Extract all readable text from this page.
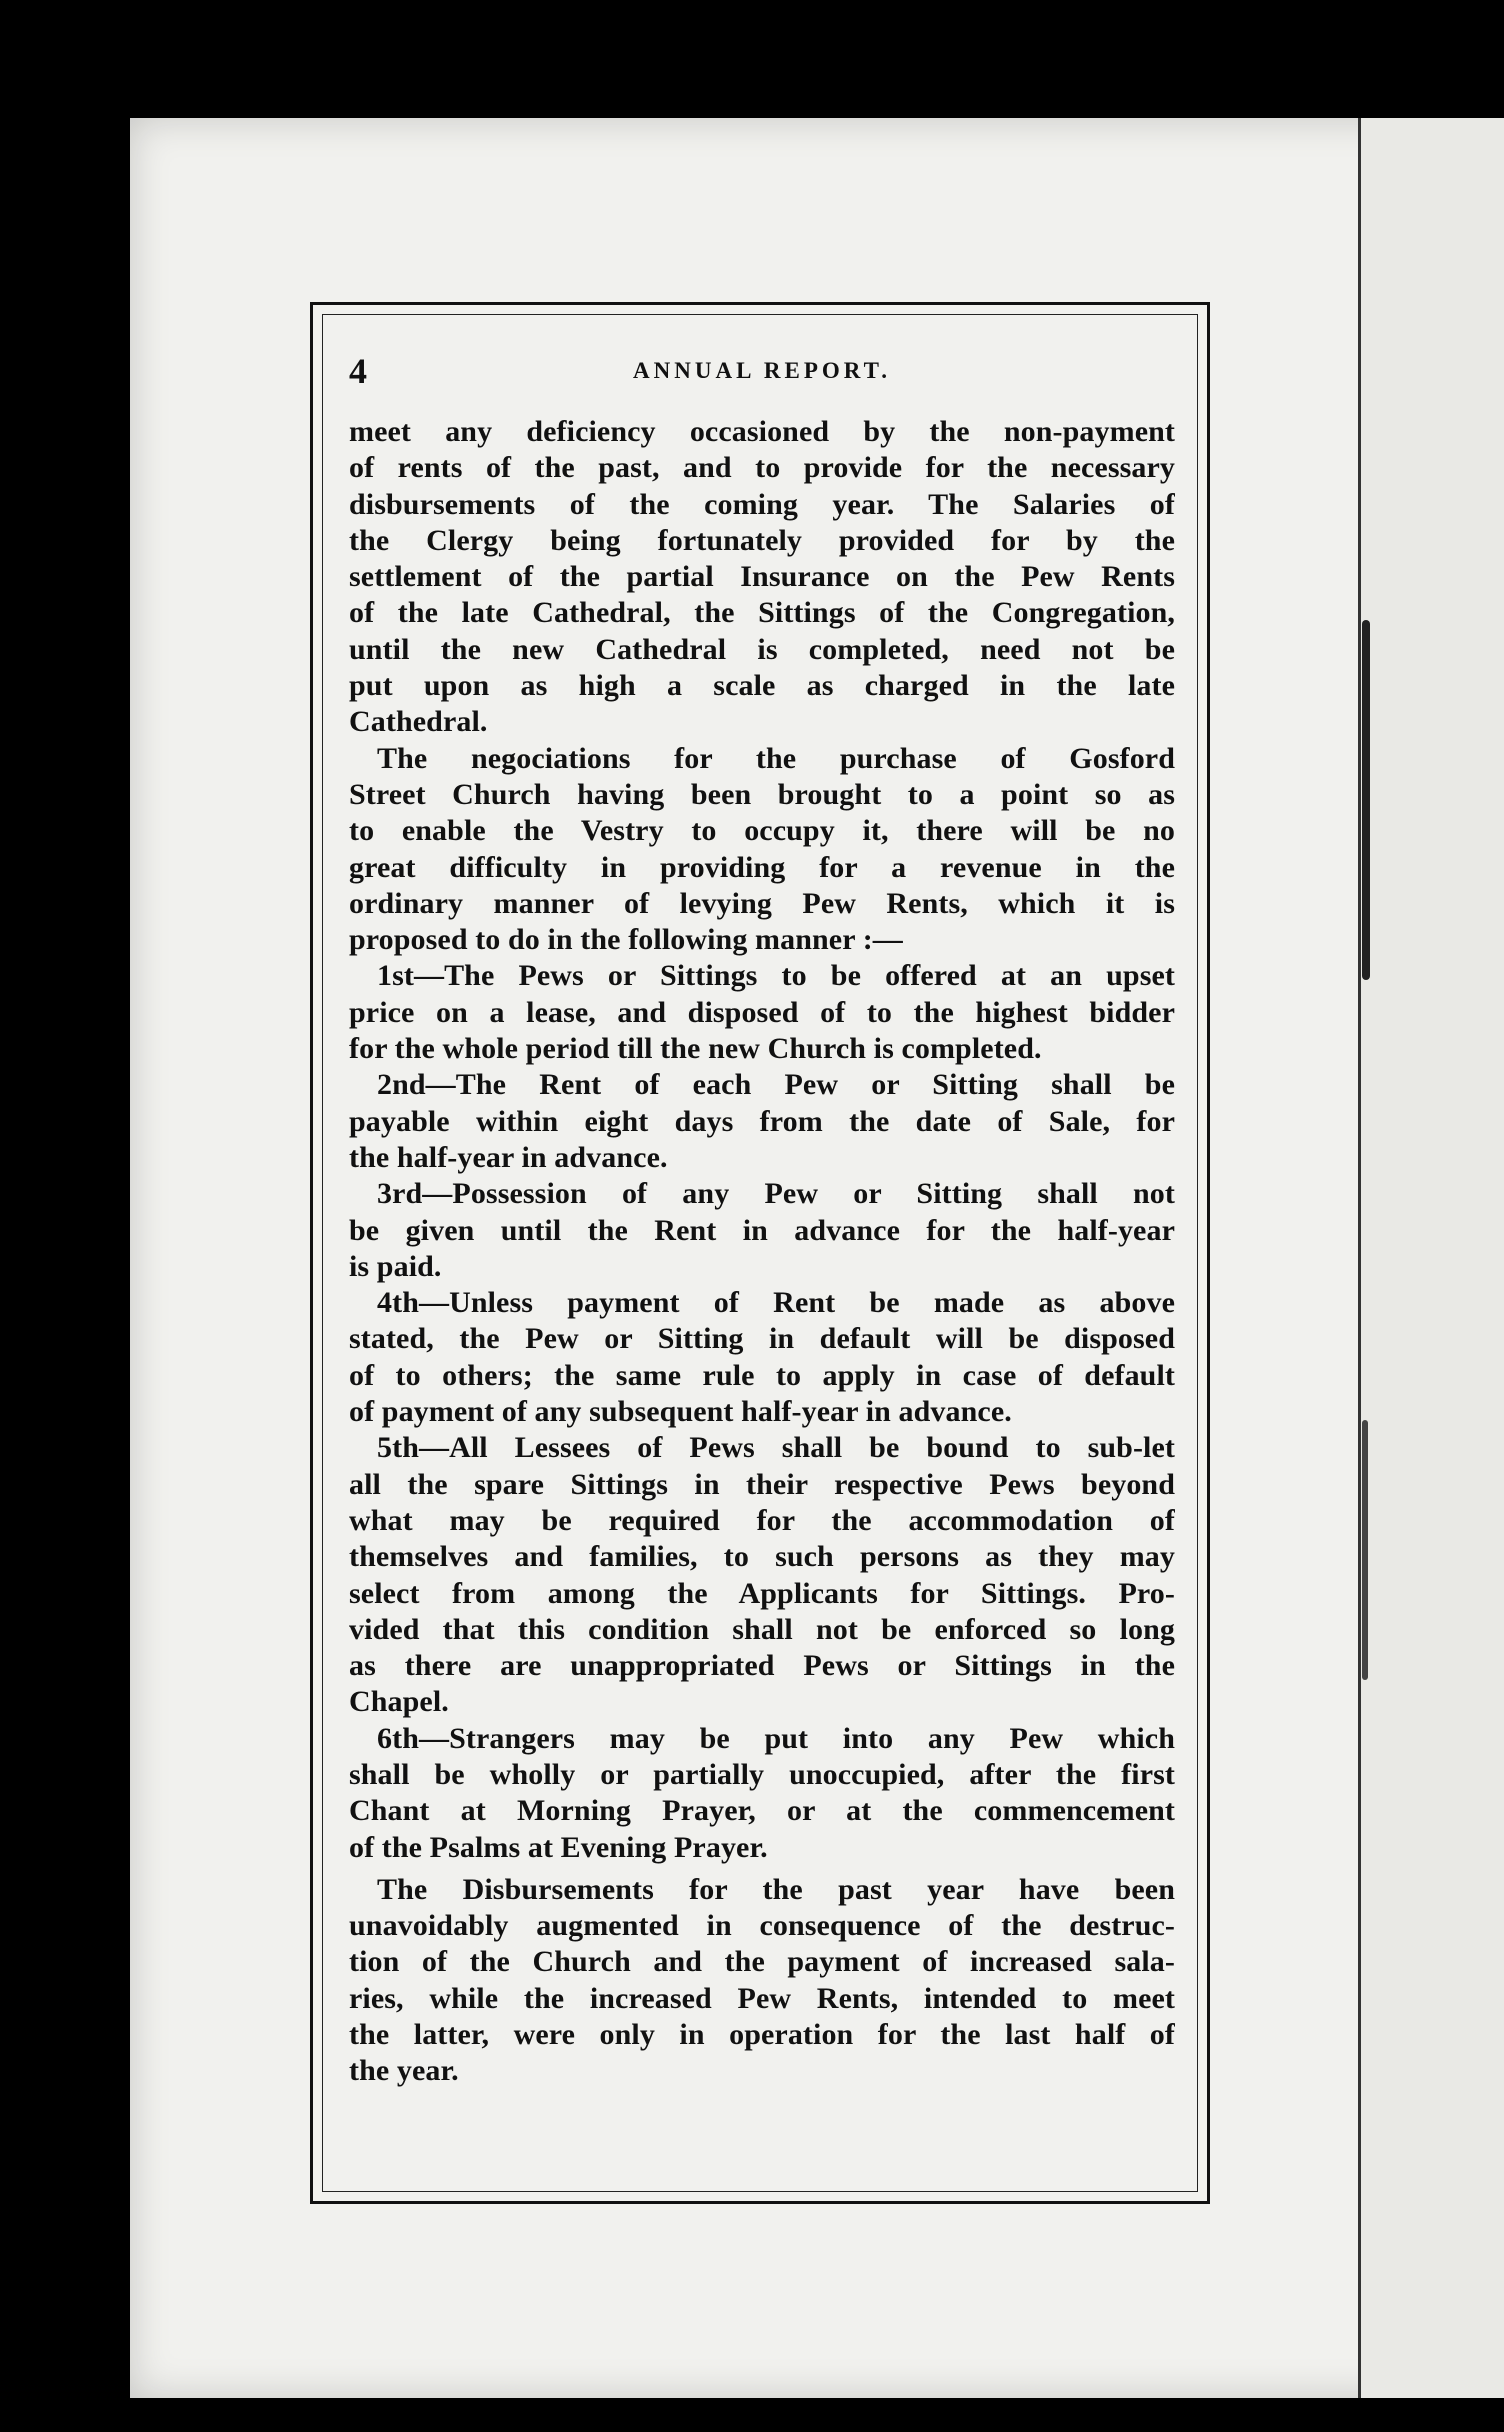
4	ANNUAL REPORT.
meet any deficiency occasioned by the non-payment
of rents of the past, and to provide for the necessary
disbursements of the coming year. The Salaries of
the Clergy being fortunately provided for by the
settlement of the partial Insurance on the Pew Rents
of the late Cathedral, the Sittings of the Congregation,
until the new Cathedral is completed, need not be
put upon as high a scale as charged in the late
Cathedral.
The negociations for the purchase of Gosford
Street Church having been brought to a point so as
to enable the Vestry to occupy it, there will be no
great difficulty in providing for a revenue in the
ordinary manner of levying Pew Rents, which it is
proposed to do in the following manner :—
1st—The Pews or Sittings to be offered at an upset
price on a lease, and disposed of to the highest bidder
for the whole period till the new Church is completed.
2nd—The Rent of each Pew or Sitting shall be
payable within eight days from the date of Sale, for
the half-year in advance.
3rd—Possession of any Pew or Sitting shall not
be given until the Rent in advance for the half-year
is paid.
4th—Unless payment of Rent be made as above
stated, the Pew or Sitting in default will be disposed
of to others; the same rule to apply in case of default
of payment of any subsequent half-year in advance.
5th—All Lessees of Pews shall be bound to sub-let
all the spare Sittings in their respective Pews beyond
what may be required for the accommodation of
themselves and families, to such persons as they may
select from among the Applicants for Sittings. Pro-
vided that this condition shall not be enforced so long
as there are unappropriated Pews or Sittings in the
Chapel.
6th—Strangers may be put into any Pew which
shall be wholly or partially unoccupied, after the first
Chant at Morning Prayer, or at the commencement
of the Psalms at Evening Prayer.
The Disbursements for the past year have been
unavoidably augmented in consequence of the destruc-
tion of the Church and the payment of increased sala-
ries, while the increased Pew Rents, intended to meet
the latter, were only in operation for the last half of
the year.
